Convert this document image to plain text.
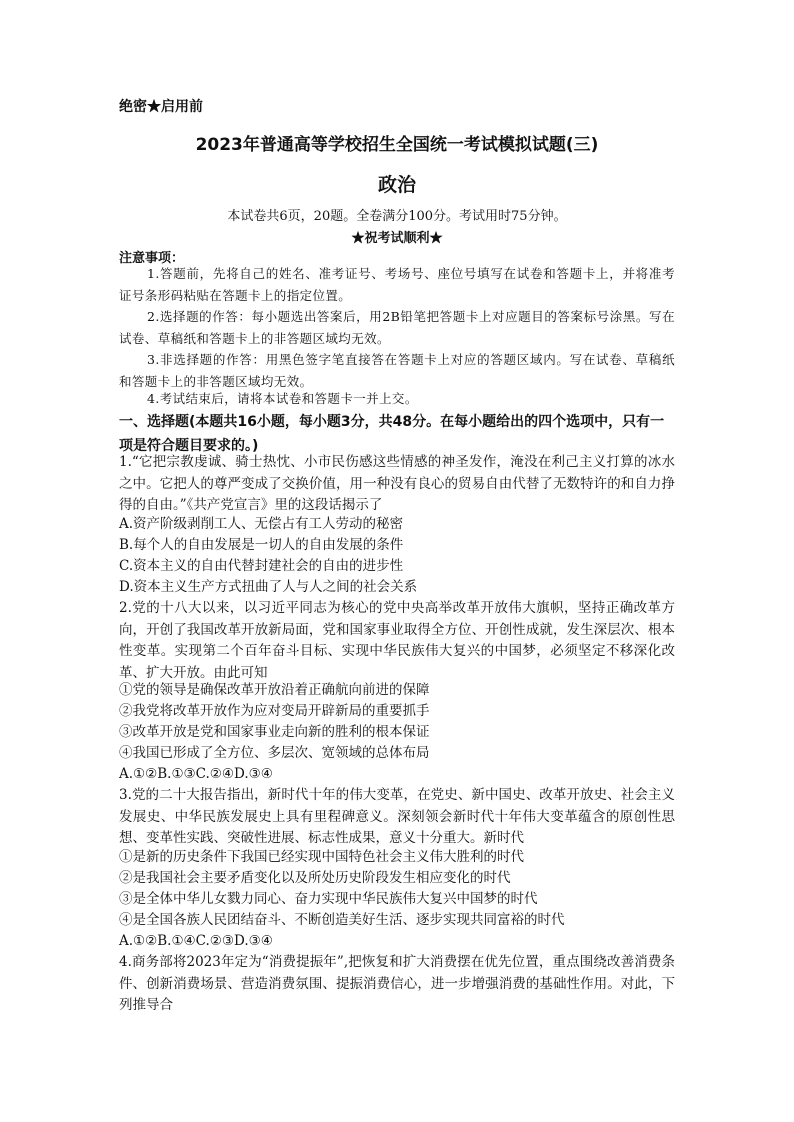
绝密★启用前
2023年普通高等学校招生全国统一考试模拟试题(三)
政治
本试卷共6页，20题。全卷满分100分。考试用时75分钟。
★祝考试顺利★
注意事项：
1.答题前，先将自己的姓名、准考证号、考场号、座位号填写在试卷和答题卡上，并将准考证号条形码粘贴在答题卡上的指定位置。
2.选择题的作答：每小题选出答案后，用2B铅笔把答题卡上对应题目的答案标号涂黑。写在试卷、草稿纸和答题卡上的非答题区域均无效。
3.非选择题的作答：用黑色签字笔直接答在答题卡上对应的答题区域内。写在试卷、草稿纸和答题卡上的非答题区域均无效。
4.考试结束后，请将本试卷和答题卡一并上交。
一、选择题(本题共16小题，每小题3分，共48分。在每小题给出的四个选项中，只有一项是符合题目要求的。)
1.“它把宗教虔诚、骑士热忱、小市民伤感这些情感的神圣发作，淹没在利己主义打算的冰水之中。它把人的尊严变成了交换价值，用一种没有良心的贸易自由代替了无数特许的和自力挣得的自由。”《共产党宣言》里的这段话揭示了
A.资产阶级剥削工人、无偿占有工人劳动的秘密
B.每个人的自由发展是一切人的自由发展的条件
C.资本主义的自由代替封建社会的自由的进步性
D.资本主义生产方式扭曲了人与人之间的社会关系
2.党的十八大以来，以习近平同志为核心的党中央高举改革开放伟大旗帜，坚持正确改革方向，开创了我国改革开放新局面，党和国家事业取得全方位、开创性成就，发生深层次、根本性变革。实现第二个百年奋斗目标、实现中华民族伟大复兴的中国梦，必须坚定不移深化改革、扩大开放。由此可知
①党的领导是确保改革开放沿着正确航向前进的保障
②我党将改革开放作为应对变局开辟新局的重要抓手
③改革开放是党和国家事业走向新的胜利的根本保证
④我国已形成了全方位、多层次、宽领域的总体布局
A.①②B.①③C.②④D.③④
3.党的二十大报告指出，新时代十年的伟大变革，在党史、新中国史、改革开放史、社会主义发展史、中华民族发展史上具有里程碑意义。深刻领会新时代十年伟大变革蕴含的原创性思想、变革性实践、突破性进展、标志性成果，意义十分重大。新时代
①是新的历史条件下我国已经实现中国特色社会主义伟大胜利的时代
②是我国社会主要矛盾变化以及所处历史阶段发生相应变化的时代
③是全体中华儿女戮力同心、奋力实现中华民族伟大复兴中国梦的时代
④是全国各族人民团结奋斗、不断创造美好生活、逐步实现共同富裕的时代
A.①②B.①④C.②③D.③④
4.商务部将2023年定为“消费提振年”,把恢复和扩大消费摆在优先位置，重点围绕改善消费条件、创新消费场景、营造消费氛围、提振消费信心，进一步增强消费的基础性作用。对此，下列推导合
